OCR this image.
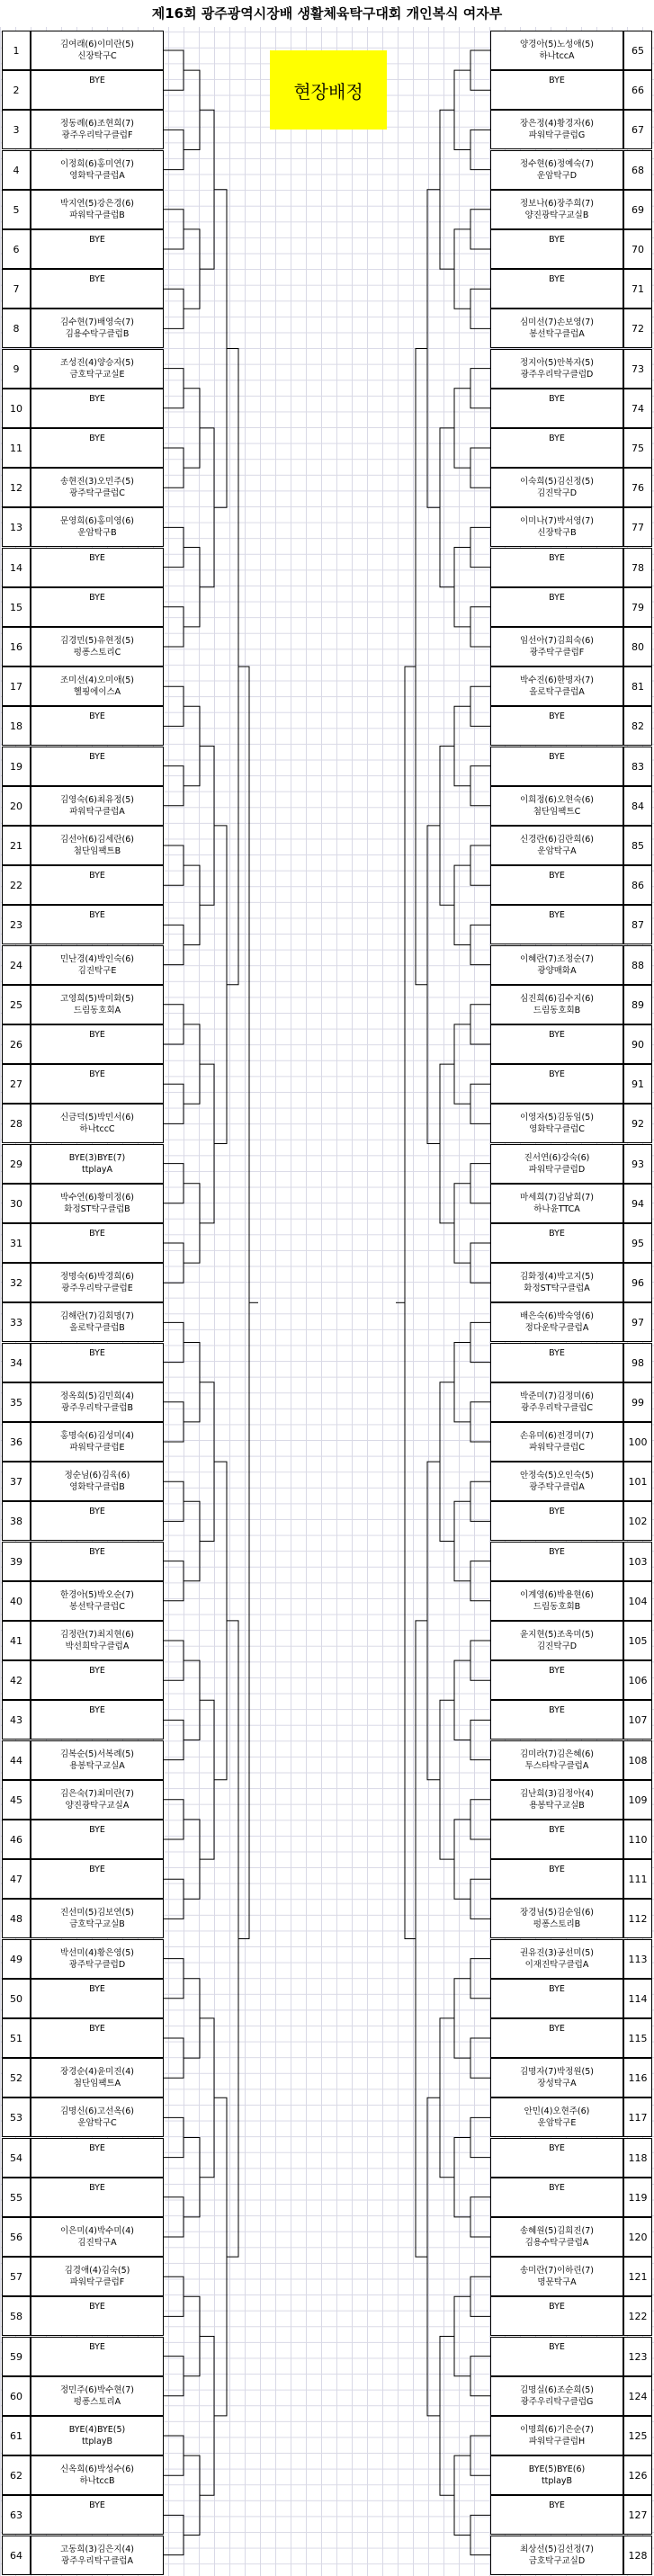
제16회 광주광역시장배 생활체육탁구대회 개인복식 여자부
현장배정
1
김여래(6)이미란(5)
신장탁구C
2
BYE
3
정동례(6)조현희(7)
광주우리탁구클럽F
4
이정희(6)홍미연(7)
영화탁구클럽A
5
박지연(5)강은경(6)
파워탁구클럽B
6
BYE
7
BYE
8
김수현(7)배영숙(7)
김용수탁구클럽B
9
조성진(4)양승자(5)
금호탁구교실E
10
BYE
11
BYE
12
송현진(3)오민주(5)
광주탁구클럽C
13
문영희(6)홍미영(6)
운암탁구B
14
BYE
15
BYE
16
김경민(5)유현정(5)
펑퐁스토리C
17
조미선(4)오미애(5)
헬핑에이스A
18
BYE
19
BYE
20
김영숙(6)최유정(5)
파워탁구클럽A
21
김선아(6)김세란(6)
첨단임팩트B
22
BYE
23
BYE
24
민난경(4)박인숙(6)
김진탁구E
25
고영희(5)박미화(5)
드림동호회A
26
BYE
27
BYE
28
신금덕(5)박민서(6)
하나tccC
29
BYE(3)BYE(7)
ttplayA
30
박수연(6)황미정(6)
화정ST탁구클럽B
31
BYE
32
정명숙(6)박경희(6)
광주우리탁구클럽E
33
김해란(7)김회명(7)
올로탁구클럽B
34
BYE
35
정옥희(5)김민희(4)
광주우리탁구클럽B
36
홍명숙(6)김성미(4)
파워탁구클럽E
37
정순님(6)김육(6)
영화탁구클럽B
38
BYE
39
BYE
40
한경아(5)박오순(7)
봉선탁구클럽C
41
김정란(7)최지현(6)
박선희탁구클럽A
42
BYE
43
BYE
44
김복순(5)서복례(5)
용봉탁구교실A
45
김은숙(7)최미란(7)
양진광탁구교실A
46
BYE
47
BYE
48
진선미(5)김보연(5)
금호탁구교실B
49
박선미(4)황은영(5)
광주탁구클럽D
50
BYE
51
BYE
52
장경순(4)윤미진(4)
첨단임팩트A
53
김명신(6)고선옥(6)
운암탁구C
54
BYE
55
BYE
56
이은미(4)박수미(4)
김진탁구A
57
김경애(4)김숙(5)
파워탁구클럽F
58
BYE
59
BYE
60
정민주(6)박수현(7)
펑퐁스토리A
61
BYE(4)BYE(5)
ttplayB
62
신옥희(6)박성수(6)
하나tccB
63
BYE
64
고동희(3)김은지(4)
광주우리탁구클럽A
65
양경아(5)노성애(5)
하나tccA
66
BYE
67
장은정(4)황경자(6)
파워탁구클럽G
68
정수현(6)정예숙(7)
운암탁구D
69
정보나(6)장주희(7)
양진광탁구교실B
70
BYE
71
BYE
72
심미선(7)손보영(7)
봉선탁구클럽A
73
정지아(5)안복자(5)
광주우리탁구클럽D
74
BYE
75
BYE
76
이숙희(5)김신정(5)
김진탁구D
77
이미나(7)박서영(7)
신장탁구B
78
BYE
79
BYE
80
임선아(7)김희숙(6)
광주탁구클럽F
81
박수진(6)한명자(7)
올로탁구클럽A
82
BYE
83
BYE
84
이희정(6)오현숙(6)
첨단임팩트C
85
신경란(6)김란희(6)
운암탁구A
86
BYE
87
BYE
88
이혜란(7)조정순(7)
광양매화A
89
심진희(6)김수지(6)
드림동호회B
90
BYE
91
BYE
92
이영자(5)김동임(5)
영화탁구클럽C
93
진서연(6)강숙(6)
파워탁구클럽D
94
마세희(7)김남희(7)
하나윤TTCA
95
BYE
96
김화정(4)박고지(5)
화정ST탁구클럽A
97
배은숙(6)박숙영(6)
정다운탁구클럽A
98
BYE
99
박준미(7)김정미(6)
광주우리탁구클럽C
100
손유미(6)전경미(7)
파워탁구클럽C
101
안정숙(5)오인숙(5)
광주탁구클럽A
102
BYE
103
BYE
104
이계영(6)박용현(6)
드림동호회B
105
윤지현(5)조옥미(5)
김진탁구D
106
BYE
107
BYE
108
김미라(7)김은혜(6)
투스타탁구클럽A
109
김난희(3)김정아(4)
용봉탁구교실B
110
BYE
111
BYE
112
장경님(5)김순임(6)
펑퐁스토리B
113
권유진(3)공선미(5)
이재진탁구클럽A
114
BYE
115
BYE
116
김명자(7)박정원(5)
장성탁구A
117
안민(4)오현주(6)
운암탁구E
118
BYE
119
BYE
120
송혜원(5)김희진(7)
김용수탁구클럽A
121
송미란(7)이하린(7)
명문탁구A
122
BYE
123
BYE
124
김명실(6)조순희(5)
광주우리탁구클럽G
125
이명희(6)기은순(7)
파워탁구클럽H
126
BYE(5)BYE(6)
ttplayB
127
BYE
128
최상선(5)김선정(7)
금호탁구교실D
